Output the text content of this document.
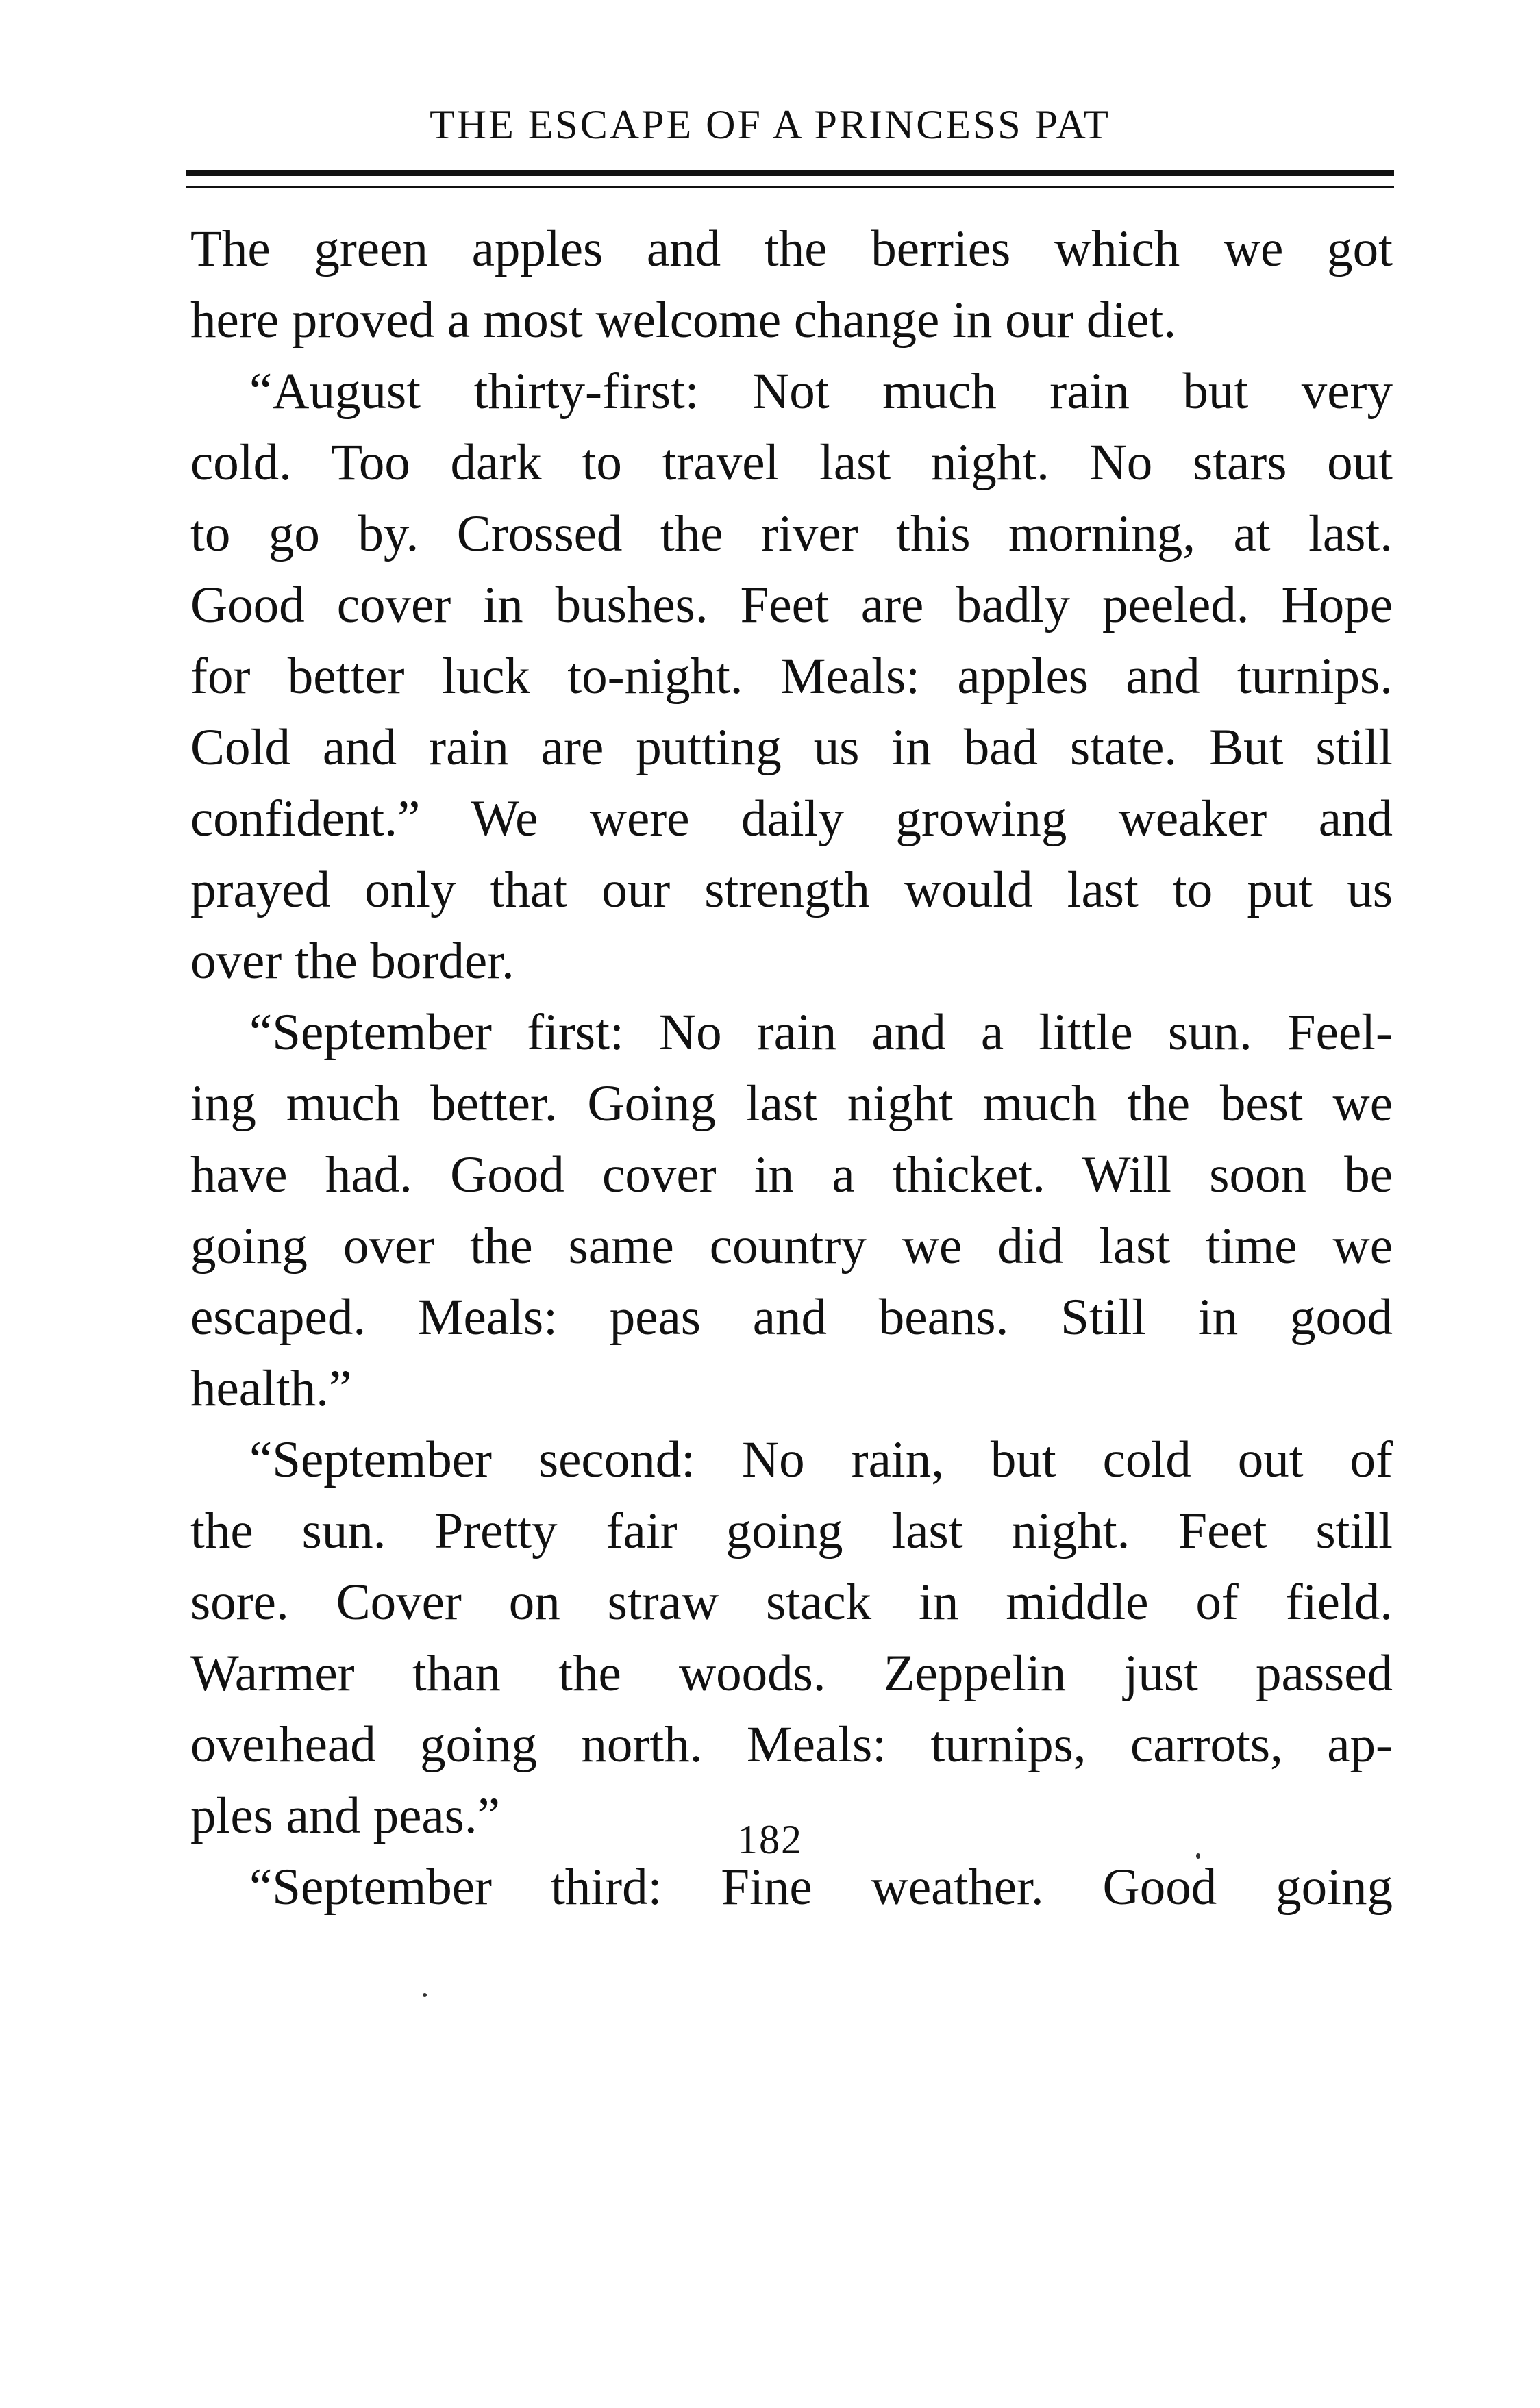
THE ESCAPE OF A PRINCESS PAT
The green apples and the berries which we got
here proved a most welcome change in our diet.
“August thirty-first: Not much rain but very
cold. Too dark to travel last night. No stars out
to go by. Crossed the river this morning, at last.
Good cover in bushes. Feet are badly peeled. Hope
for better luck to-night. Meals: apples and turnips.
Cold and rain are putting us in bad state. But still
confident.” We were daily growing weaker and
prayed only that our strength would last to put us
over the border.
“September first: No rain and a little sun. Feel-
ing much better. Going last night much the best we
have had. Good cover in a thicket. Will soon be
going over the same country we did last time we
escaped. Meals: peas and beans. Still in good
health.”
“September second: No rain, but cold out of
the sun. Pretty fair going last night. Feet still
sore. Cover on straw stack in middle of field.
Warmer than the woods. Zeppelin just passed
oveıhead going north. Meals: turnips, carrots, ap-
ples and peas.”
“September third: Fine weather. Good going
182
